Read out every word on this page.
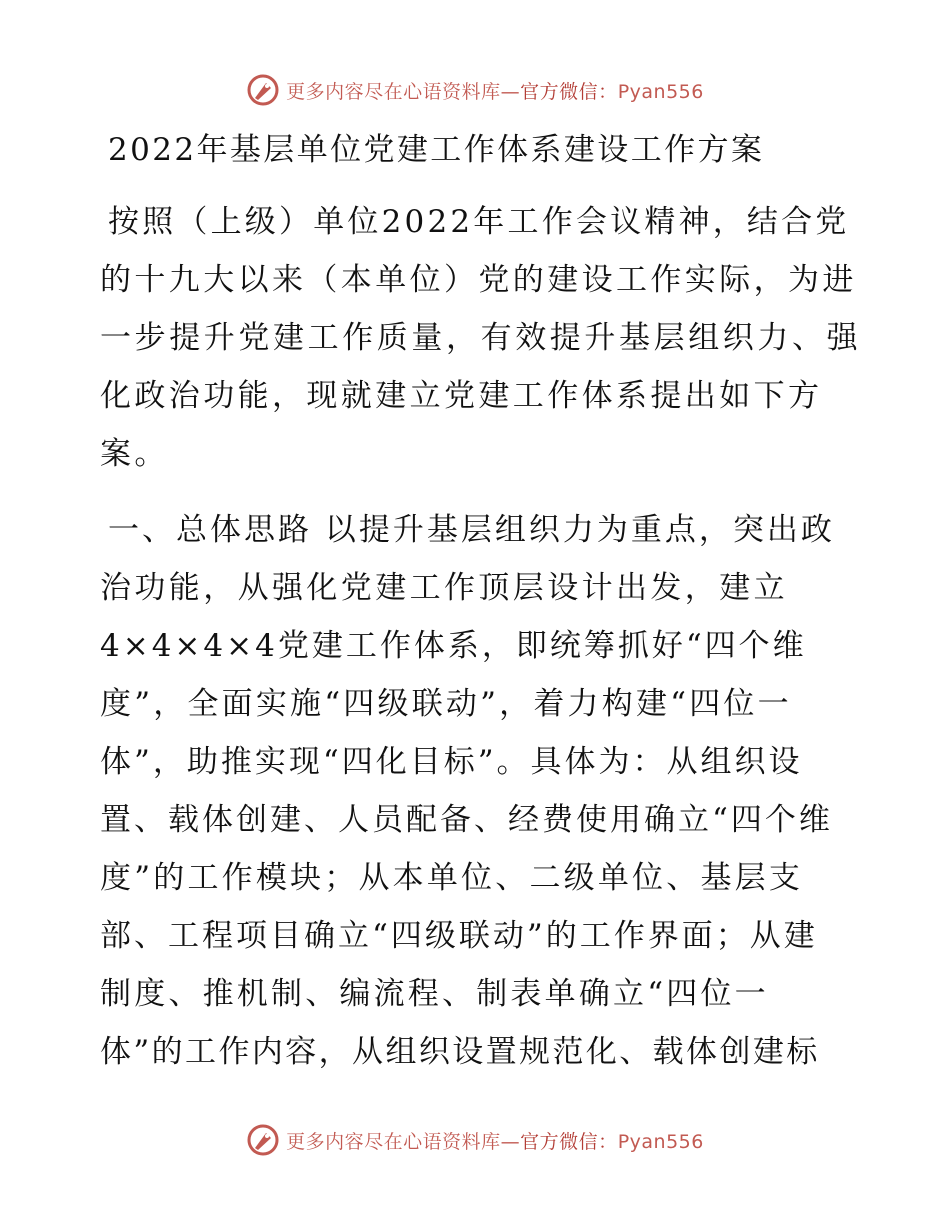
更多内容尽在心语资料库—官方微信：Pyan556
2022年基层单位党建工作体系建设工作方案
按照（上级）单位2022年工作会议精神，结合党
的十九大以来（本单位）党的建设工作实际，为进
一步提升党建工作质量，有效提升基层组织力、强
化政治功能，现就建立党建工作体系提出如下方
案。
一、总体思路 以提升基层组织力为重点，突出政
治功能，从强化党建工作顶层设计出发，建立
4×4×4×4党建工作体系，即统筹抓好“四个维
度”，全面实施“四级联动”，着力构建“四位一
体”，助推实现“四化目标”。具体为：从组织设
置、载体创建、人员配备、经费使用确立“四个维
度”的工作模块；从本单位、二级单位、基层支
部、工程项目确立“四级联动”的工作界面；从建
制度、推机制、编流程、制表单确立“四位一
体”的工作内容，从组织设置规范化、载体创建标
更多内容尽在心语资料库—官方微信：Pyan556
